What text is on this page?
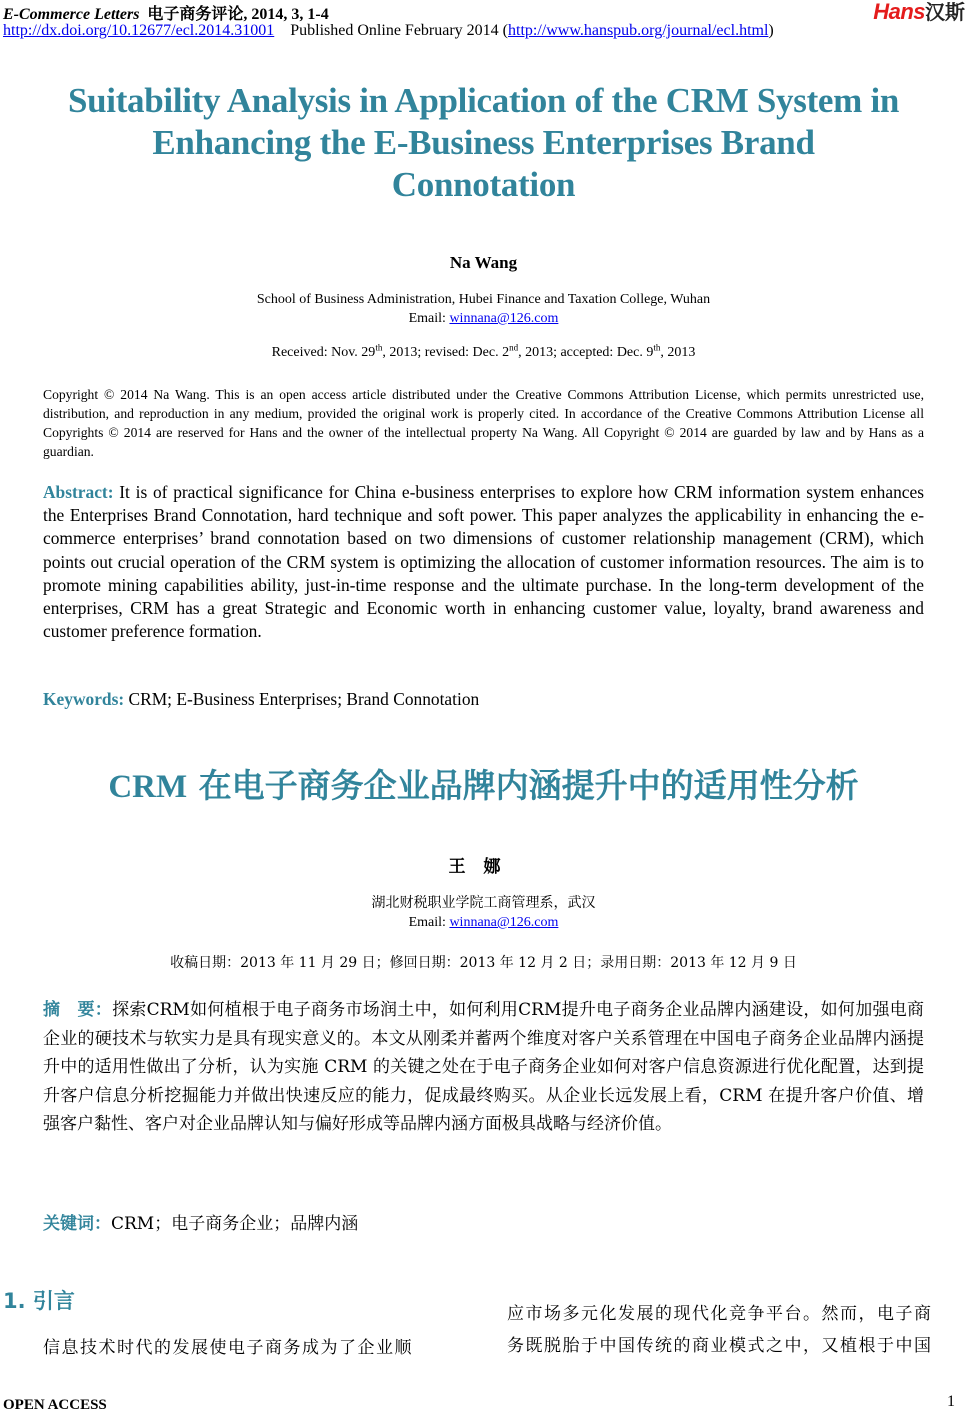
E-Commerce Letters 电子商务评论, 2014, 3, 1-4
http://dx.doi.org/10.12677/ecl.2014.31001 Published Online February 2014 (http://www.hanspub.org/journal/ecl.html)
Hans汉斯
Suitability Analysis in Application of the CRM System in
Enhancing the E-Business Enterprises Brand
Connotation
Na Wang
School of Business Administration, Hubei Finance and Taxation College, Wuhan
Email: winnana@126.com
Received: Nov. 29th, 2013; revised: Dec. 2nd, 2013; accepted: Dec. 9th, 2013
Copyright © 2014 Na Wang. This is an open access article distributed under the Creative Commons Attribution License, which permits unrestricted use, distribution, and reproduction in any medium, provided the original work is properly cited. In accordance of the Creative Commons Attribution License all Copyrights © 2014 are reserved for Hans and the owner of the intellectual property Na Wang. All Copyright © 2014 are guarded by law and by Hans as a guardian.
Abstract: It is of practical significance for China e-business enterprises to explore how CRM information system enhances the Enterprises Brand Connotation, hard technique and soft power. This paper analyzes the applicability in enhancing the e-commerce enterprises’ brand connotation based on two dimensions of customer relationship management (CRM), which points out crucial operation of the CRM system is optimizing the allocation of customer information resources. The aim is to promote mining capabilities ability, just-in-time response and the ultimate purchase. In the long-term development of the enterprises, CRM has a great Strategic and Economic worth in enhancing customer value, loyalty, brand awareness and customer preference formation.
Keywords: CRM; E-Business Enterprises; Brand Connotation
CRM 在电子商务企业品牌内涵提升中的适用性分析
王娜
湖北财税职业学院工商管理系，武汉
Email: winnana@126.com
收稿日期：2013 年 11 月 29 日；修回日期：2013 年 12 月 2 日；录用日期：2013 年 12 月 9 日
摘　要：探索CRM如何植根于电子商务市场润土中，如何利用CRM提升电子商务企业品牌内涵建设，如何加强电商企业的硬技术与软实力是具有现实意义的。本文从刚柔并蓄两个维度对客户关系管理在中国电子商务企业品牌内涵提升中的适用性做出了分析，认为实施 CRM 的关键之处在于电子商务企业如何对客户信息资源进行优化配置，达到提升客户信息分析挖掘能力并做出快速反应的能力，促成最终购买。从企业长远发展上看，CRM 在提升客户价值、增强客户黏性、客户对企业品牌认知与偏好形成等品牌内涵方面极具战略与经济价值。
关键词：CRM；电子商务企业；品牌内涵
1. 引言
信息技术时代的发展使电子商务成为了企业顺
应市场多元化发展的现代化竞争平台。然而，电子商
务既脱胎于中国传统的商业模式之中，又植根于中国
OPEN ACCESS	1
